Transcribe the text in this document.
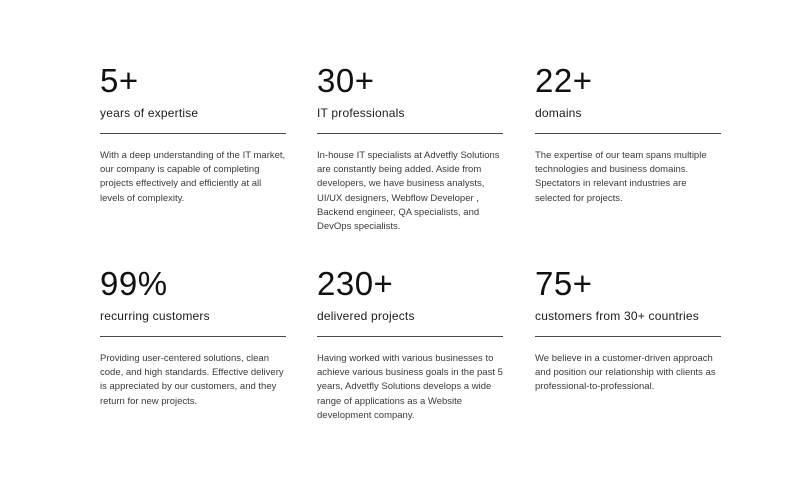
5+
years of expertise
With a deep understanding of the IT market, our company is capable of completing projects effectively and efficiently at all levels of complexity.
30+
IT professionals
In-house IT specialists at Advetfly Solutions are constantly being added. Aside from developers, we have business analysts, UI/UX designers, Webflow Developer , Backend engineer, QA specialists, and DevOps specialists.
22+
domains
The expertise of our team spans multiple technologies and business domains. Spectators in relevant industries are selected for projects.
99%
recurring customers
Providing user-centered solutions, clean code, and high standards. Effective delivery is appreciated by our customers, and they return for new projects.
230+
delivered projects
Having worked with various businesses to achieve various business goals in the past 5 years, Advetfly Solutions develops a wide range of applications as a Website development company.
75+
customers from 30+ countries
We believe in a customer-driven approach and position our relationship with clients as professional-to-professional.
